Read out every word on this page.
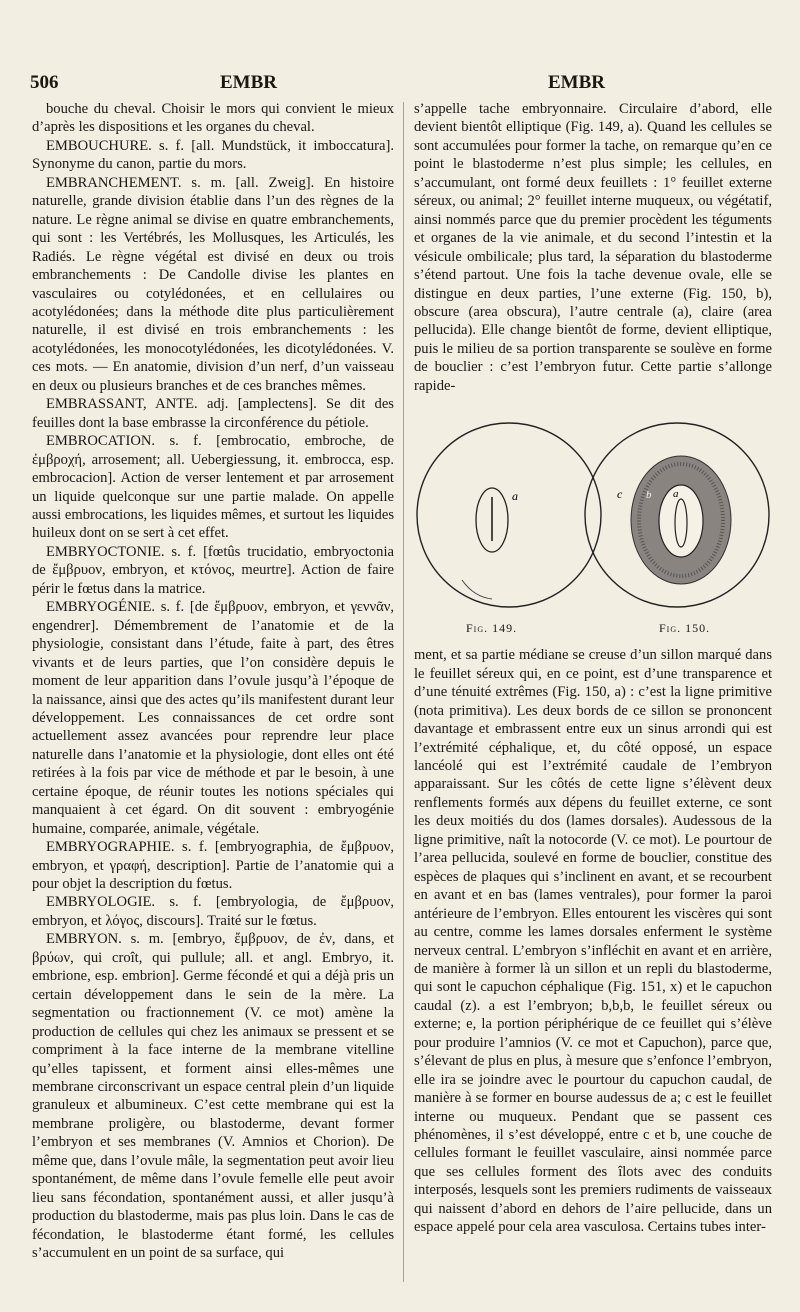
506	EMBR	EMBR

bouche du cheval. Choisir le mors qui convient le mieux d’après les dispositions et les organes du cheval.

EMBOUCHURE. s. f. [all. Mundstück, it imboccatura]. Synonyme du canon, partie du mors.

EMBRANCHEMENT. s. m. [all. Zweig]. En histoire naturelle, grande division établie dans l’un des règnes de la nature. Le règne animal se divise en quatre embranchements, qui sont : les Vertébrés, les Mollusques, les Articulés, les Radiés. Le règne végétal est divisé en deux ou trois embranchements : De Candolle divise les plantes en vasculaires ou cotylédonées, et en cellulaires ou acotylédonées; dans la méthode dite plus particulièrement naturelle, il est divisé en trois embranchements : les acotylédonées, les monocotylédonées, les dicotylédonées. V. ces mots. — En anatomie, division d’un nerf, d’un vaisseau en deux ou plusieurs branches et de ces branches mêmes.

EMBRASSANT, ANTE. adj. [amplectens]. Se dit des feuilles dont la base embrasse la circonférence du pétiole.

EMBROCATION. s. f. [embrocatio, embroche, de ἐμβροχή, arrosement; all. Uebergiessung, it. embrocca, esp. embrocacion]. Action de verser lentement et par arrosement un liquide quelconque sur une partie malade. On appelle aussi embrocations, les liquides mêmes, et surtout les liquides huileux dont on se sert à cet effet.

EMBRYOCTONIE. s. f. [fœtûs trucidatio, embryoctonia de ἔμβρυον, embryon, et κτόνος, meurtre]. Action de faire périr le fœtus dans la matrice.

EMBRYOGÉNIE. s. f. [de ἔμβρυον, embryon, et γεννᾶν, engendrer]. Démembrement de l’anatomie et de la physiologie, consistant dans l’étude, faite à part, des êtres vivants et de leurs parties, que l’on considère depuis le moment de leur apparition dans l’ovule jusqu’à l’époque de la naissance, ainsi que des actes qu’ils manifestent durant leur développement. Les connaissances de cet ordre sont actuellement assez avancées pour reprendre leur place naturelle dans l’anatomie et la physiologie, dont elles ont été retirées à la fois par vice de méthode et par le besoin, à une certaine époque, de réunir toutes les notions spéciales qui manquaient à cet égard. On dit souvent : embryogénie humaine, comparée, animale, végétale.

EMBRYOGRAPHIE. s. f. [embryographia, de ἔμβρυον, embryon, et γραφή, description]. Partie de l’anatomie qui a pour objet la description du fœtus.

EMBRYOLOGIE. s. f. [embryologia, de ἔμβρυον, embryon, et λόγος, discours]. Traité sur le fœtus.

EMBRYON. s. m. [embryo, ἔμβρυον, de ἐν, dans, et βρύων, qui croît, qui pullule; all. et angl. Embryo, it. embrione, esp. embrion]. Germe fécondé et qui a déjà pris un certain développement dans le sein de la mère. La segmentation ou fractionnement (V. ce mot) amène la production de cellules qui chez les animaux se pressent et se compriment à la face interne de la membrane vitelline qu’elles tapissent, et forment ainsi elles-mêmes une membrane circonscrivant un espace central plein d’un liquide granuleux et albumineux. C’est cette membrane qui est la membrane proligère, ou blastoderme, devant former l’embryon et ses membranes (V. Amnios et Chorion). De même que, dans l’ovule mâle, la segmentation peut avoir lieu spontanément, de même dans l’ovule femelle elle peut avoir lieu sans fécondation, spontanément aussi, et aller jusqu’à production du blastoderme, mais pas plus loin. Dans le cas de fécondation, le blastoderme étant formé, les cellules s’accumulent en un point de sa surface, qui

s’appelle tache embryonnaire. Circulaire d’abord, elle devient bientôt elliptique (Fig. 149, a). Quand les cellules se sont accumulées pour former la tache, on remarque qu’en ce point le blastoderme n’est plus simple; les cellules, en s’accumulant, ont formé deux feuillets : 1° feuillet externe séreux, ou animal; 2° feuillet interne muqueux, ou végétatif, ainsi nommés parce que du premier procèdent les téguments et organes de la vie animale, et du second l’intestin et la vésicule ombilicale; plus tard, la séparation du blastoderme s’étend partout. Une fois la tache devenue ovale, elle se distingue en deux parties, l’une externe (Fig. 150, b), obscure (area obscura), l’autre centrale (a), claire (area pellucida). Elle change bientôt de forme, devient elliptique, puis le milieu de sa portion transparente se soulève en forme de bouclier : c’est l’embryon futur. Cette partie s’allonge rapide-

a	c b a
Fig. 149.	Fig. 150.

ment, et sa partie médiane se creuse d’un sillon marqué dans le feuillet séreux qui, en ce point, est d’une transparence et d’une ténuité extrêmes (Fig. 150, a) : c’est la ligne primitive (nota primitiva). Les deux bords de ce sillon se prononcent davantage et embrassent entre eux un sinus arrondi qui est l’extrémité céphalique, et, du côté opposé, un espace lancéolé qui est l’extrémité caudale de l’embryon apparaissant. Sur les côtés de cette ligne s’élèvent deux renflements formés aux dépens du feuillet externe, ce sont les deux moitiés du dos (lames dorsales). Audessous de la ligne primitive, naît la notocorde (V. ce mot). Le pourtour de l’area pellucida, soulevé en forme de bouclier, constitue des espèces de plaques qui s’inclinent en avant, et se recourbent en avant et en bas (lames ventrales), pour former la paroi antérieure de l’embryon. Elles entourent les viscères qui sont au centre, comme les lames dorsales enferment le système nerveux central. L’embryon s’infléchit en avant et en arrière, de manière à former là un sillon et un repli du blastoderme, qui sont le capuchon céphalique (Fig. 151, x) et le capuchon caudal (z). a est l’embryon; b,b,b, le feuillet séreux ou externe; e, la portion périphérique de ce feuillet qui s’élève pour produire l’amnios (V. ce mot et Capuchon), parce que, s’élevant de plus en plus, à mesure que s’enfonce l’embryon, elle ira se joindre avec le pourtour du capuchon caudal, de manière à se former en bourse audessus de a; c est le feuillet interne ou muqueux. Pendant que se passent ces phénomènes, il s’est développé, entre c et b, une couche de cellules formant le feuillet vasculaire, ainsi nommée parce que ses cellules forment des îlots avec des conduits interposés, lesquels sont les premiers rudiments de vaisseaux qui naissent d’abord en dehors de l’aire pellucide, dans un espace appelé pour cela area vasculosa. Certains tubes inter-
